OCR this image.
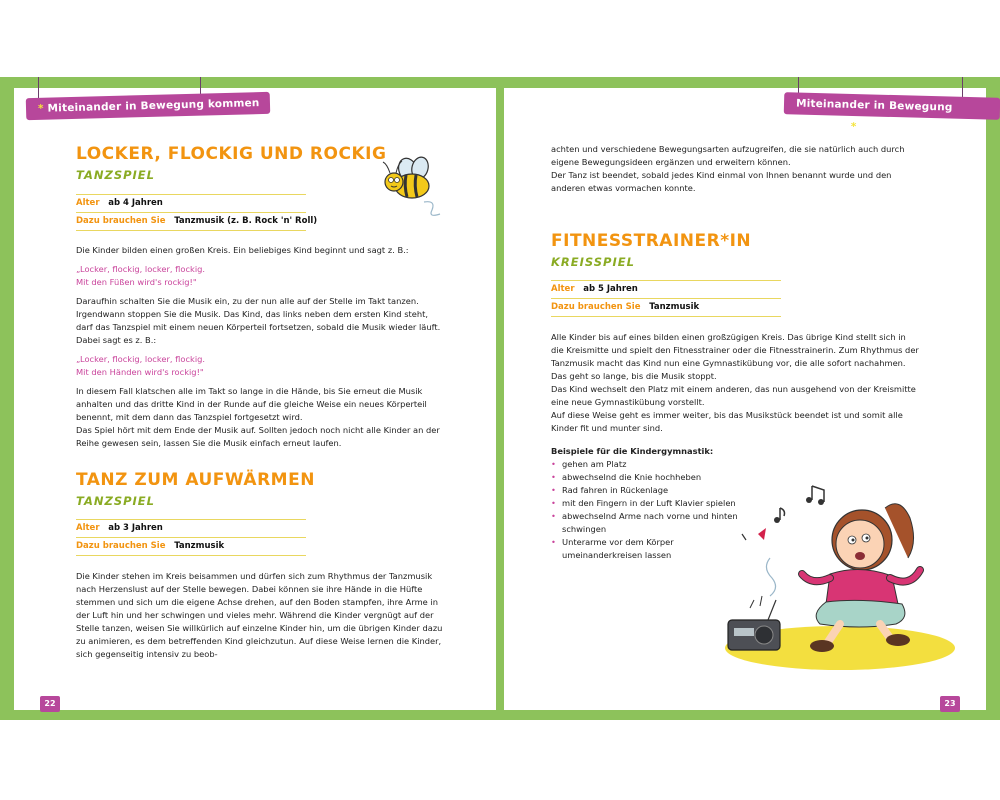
* Miteinander in Bewegung kommen	Miteinander in Bewegung kommen *
LOCKER, FLOCKIG UND ROCKIG
TANZSPIEL
Alter ab 4 Jahren
Dazu brauchen Sie Tanzmusik (z. B. Rock 'n' Roll)
Die Kinder bilden einen großen Kreis. Ein beliebiges Kind beginnt und sagt z. B.:
„Locker, flockig, locker, flockig.
Mit den Füßen wird's rockig!"
Daraufhin schalten Sie die Musik ein, zu der nun alle auf der Stelle im Takt tanzen. Irgendwann stoppen Sie die Musik. Das Kind, das links neben dem ersten Kind steht, darf das Tanzspiel mit einem neuen Körperteil fortsetzen, sobald die Musik wieder läuft. Dabei sagt es z. B.:
„Locker, flockig, locker, flockig.
Mit den Händen wird's rockig!"
In diesem Fall klatschen alle im Takt so lange in die Hände, bis Sie erneut die Musik anhalten und das dritte Kind in der Runde auf die gleiche Weise ein neues Körperteil benennt, mit dem dann das Tanzspiel fortgesetzt wird.
Das Spiel hört mit dem Ende der Musik auf. Sollten jedoch noch nicht alle Kinder an der Reihe gewesen sein, lassen Sie die Musik einfach erneut laufen.
TANZ ZUM AUFWÄRMEN
TANZSPIEL
Alter ab 3 Jahren
Dazu brauchen Sie Tanzmusik
Die Kinder stehen im Kreis beisammen und dürfen sich zum Rhythmus der Tanzmusik nach Herzenslust auf der Stelle bewegen. Dabei können sie ihre Hände in die Hüfte stemmen und sich um die eigene Achse drehen, auf den Boden stampfen, ihre Arme in der Luft hin und her schwingen und vieles mehr. Während die Kinder vergnügt auf der Stelle tanzen, weisen Sie willkürlich auf einzelne Kinder hin, um die übrigen Kinder dazu zu animieren, es dem betreffenden Kind gleichzutun. Auf diese Weise lernen die Kinder, sich gegenseitig intensiv zu beob-
22
achten und verschiedene Bewegungsarten aufzugreifen, die sie natürlich auch durch eigene Bewegungsideen ergänzen und erweitern können.
Der Tanz ist beendet, sobald jedes Kind einmal von Ihnen benannt wurde und den anderen etwas vormachen konnte.
FITNESSTRAINER*IN
KREISSPIEL
Alter ab 5 Jahren
Dazu brauchen Sie Tanzmusik
Alle Kinder bis auf eines bilden einen großzügigen Kreis. Das übrige Kind stellt sich in die Kreismitte und spielt den Fitnesstrainer oder die Fitnesstrainerin. Zum Rhythmus der Tanzmusik macht das Kind nun eine Gymnastikübung vor, die alle sofort nachahmen. Das geht so lange, bis die Musik stoppt.
Das Kind wechselt den Platz mit einem anderen, das nun ausgehend von der Kreismitte eine neue Gymnastikübung vorstellt.
Auf diese Weise geht es immer weiter, bis das Musikstück beendet ist und somit alle Kinder fit und munter sind.
Beispiele für die Kindergymnastik:
• gehen am Platz
• abwechselnd die Knie hochheben
• Rad fahren in Rückenlage
• mit den Fingern in der Luft Klavier spielen
• abwechselnd Arme nach vorne und hinten schwingen
• Unterarme vor dem Körper umeinanderkreisen lassen
23
